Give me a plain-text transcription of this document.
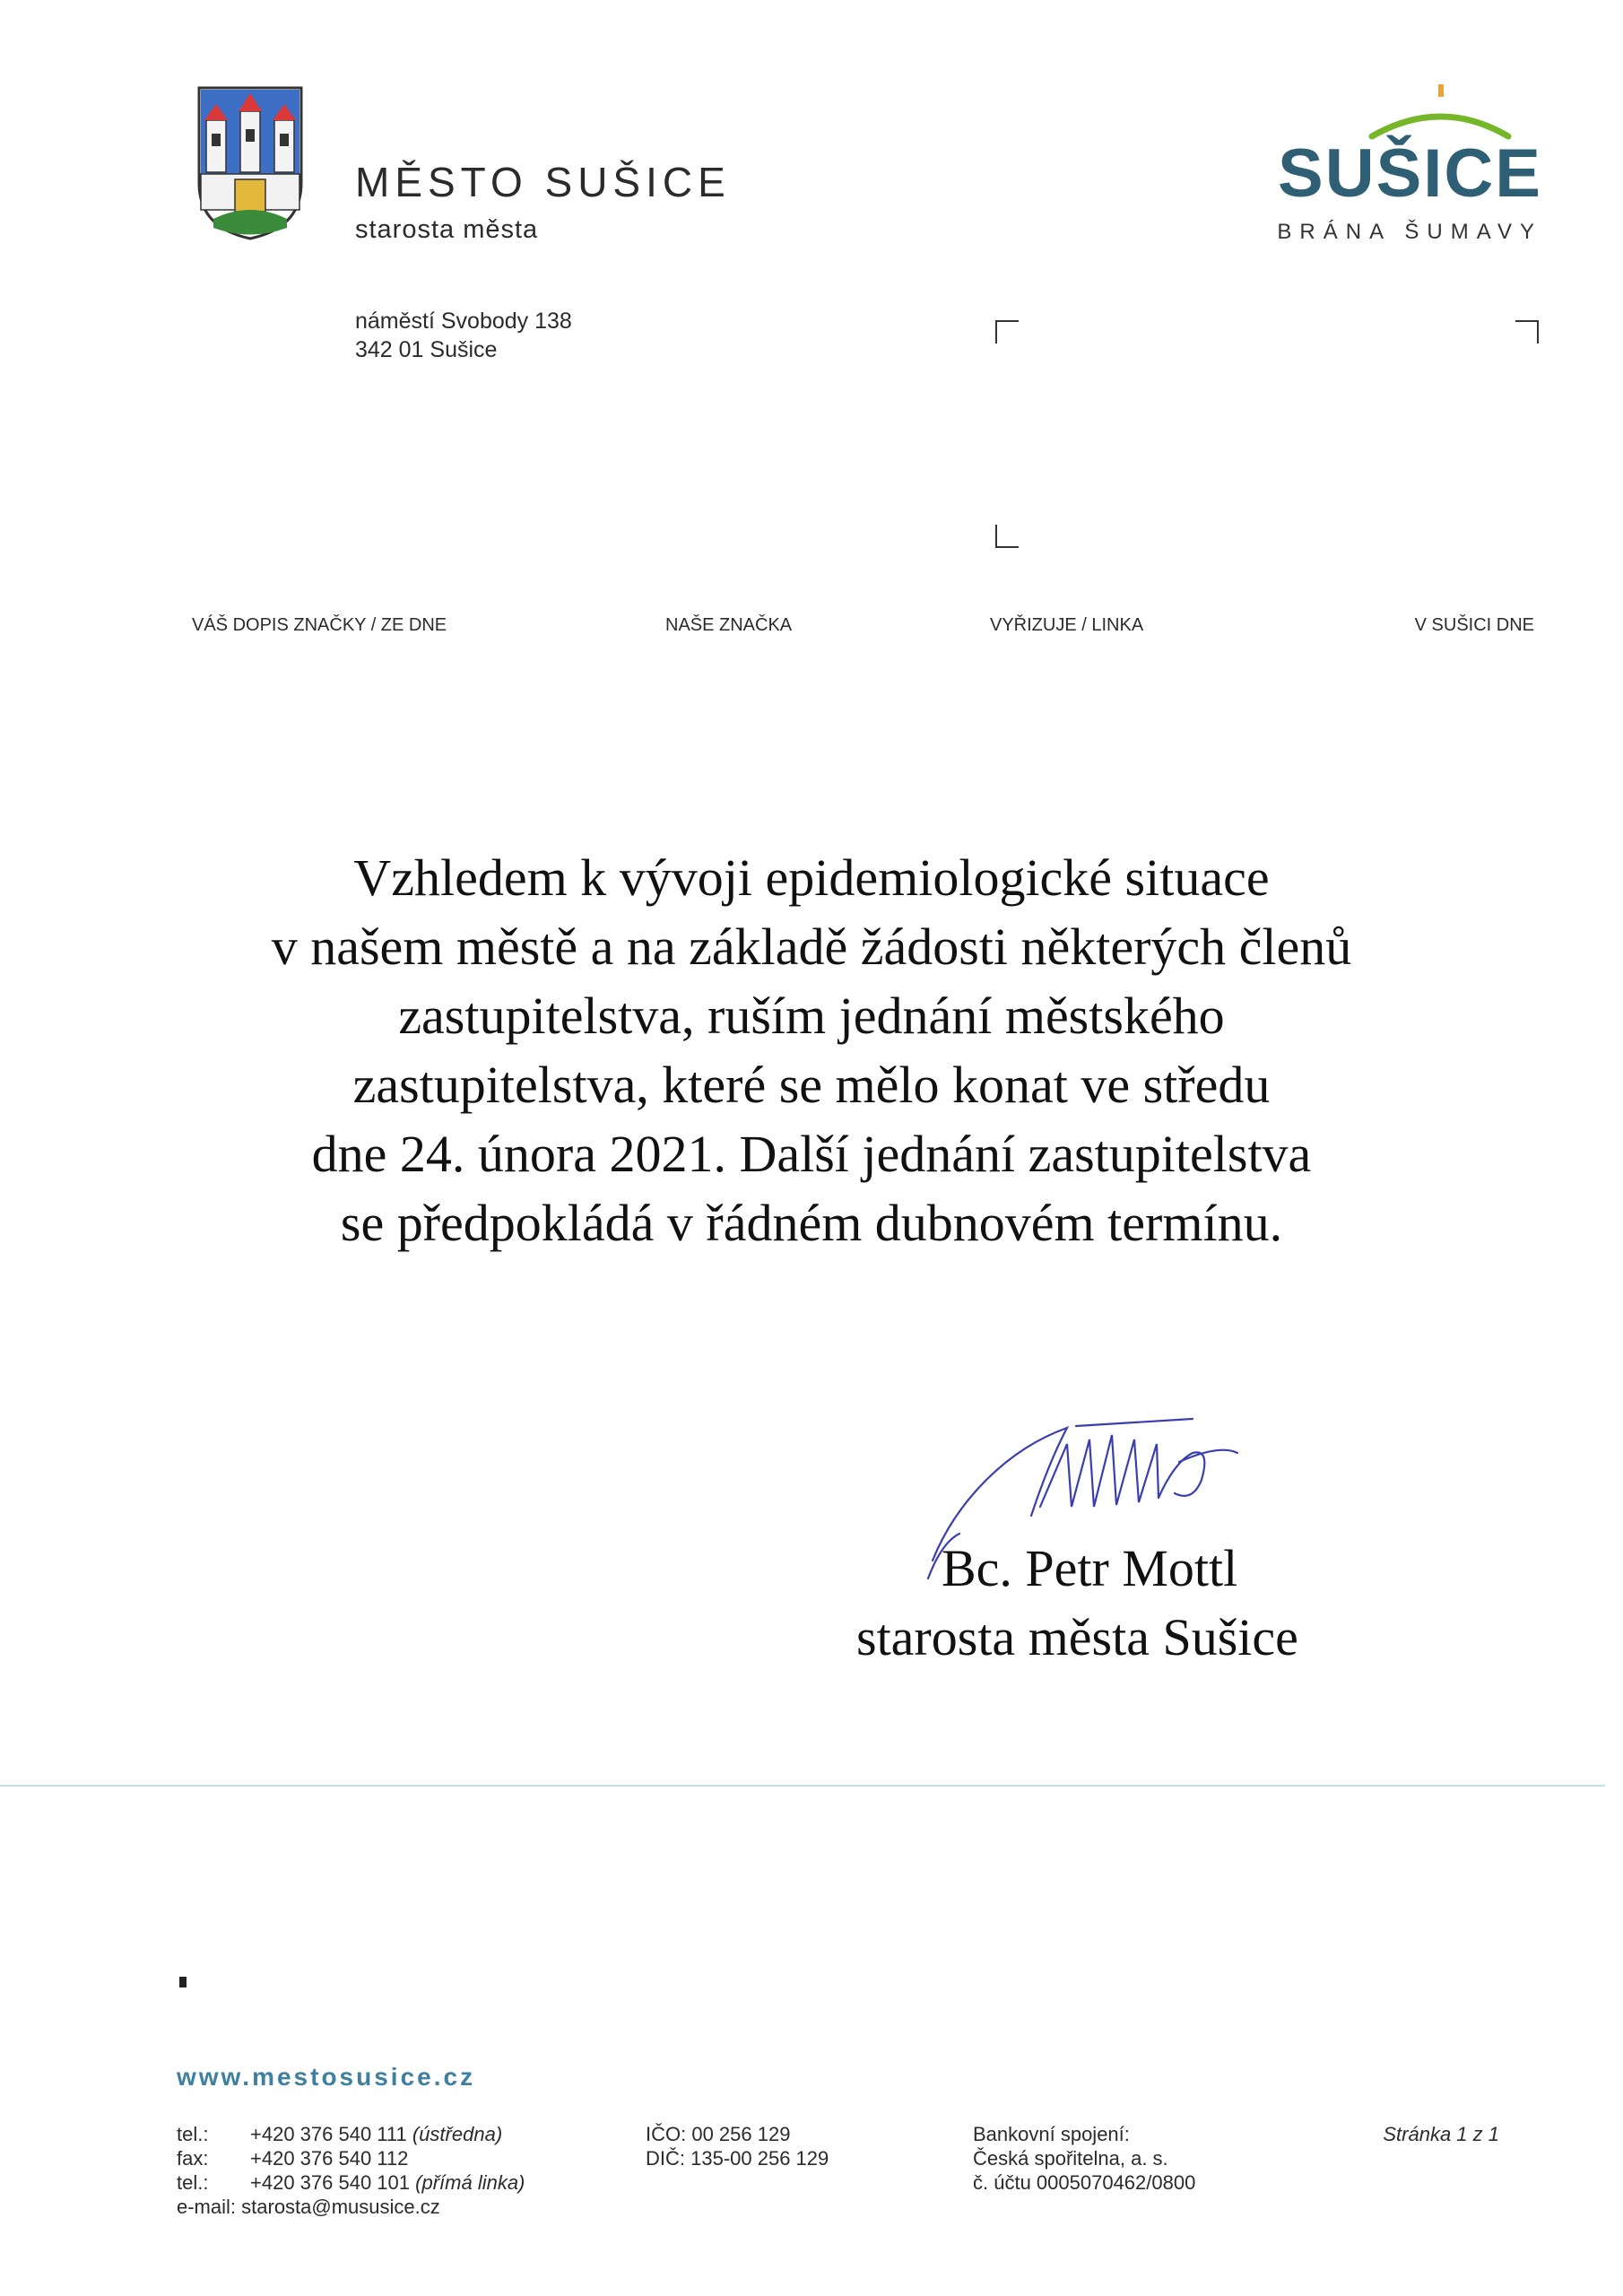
MĚSTO SUŠICE
starosta města
SUŠICE
BRÁNA ŠUMAVY
náměstí Svobody 138
342 01 Sušice
VÁŠ DOPIS ZNAČKY / ZE DNE	NAŠE ZNAČKA	VYŘIZUJE / LINKA	V SUŠICI DNE
Vzhledem k vývoji epidemiologické situace
v našem městě a na základě žádosti některých členů
zastupitelstva, ruším jednání městského
zastupitelstva, které se mělo konat ve středu
dne 24. února 2021. Další jednání zastupitelstva
se předpokládá v řádném dubnovém termínu.
Bc. Petr Mottl
starosta města Sušice
www.mestosusice.cz
tel.: +420 376 540 111 (ústředna)
fax: +420 376 540 112
tel.: +420 376 540 101 (přímá linka)
e-mail: starosta@mususice.cz
IČO: 00 256 129
DIČ: 135-00 256 129
Bankovní spojení:
Česká spořitelna, a. s.
č. účtu 0005070462/0800
Stránka 1 z 1
